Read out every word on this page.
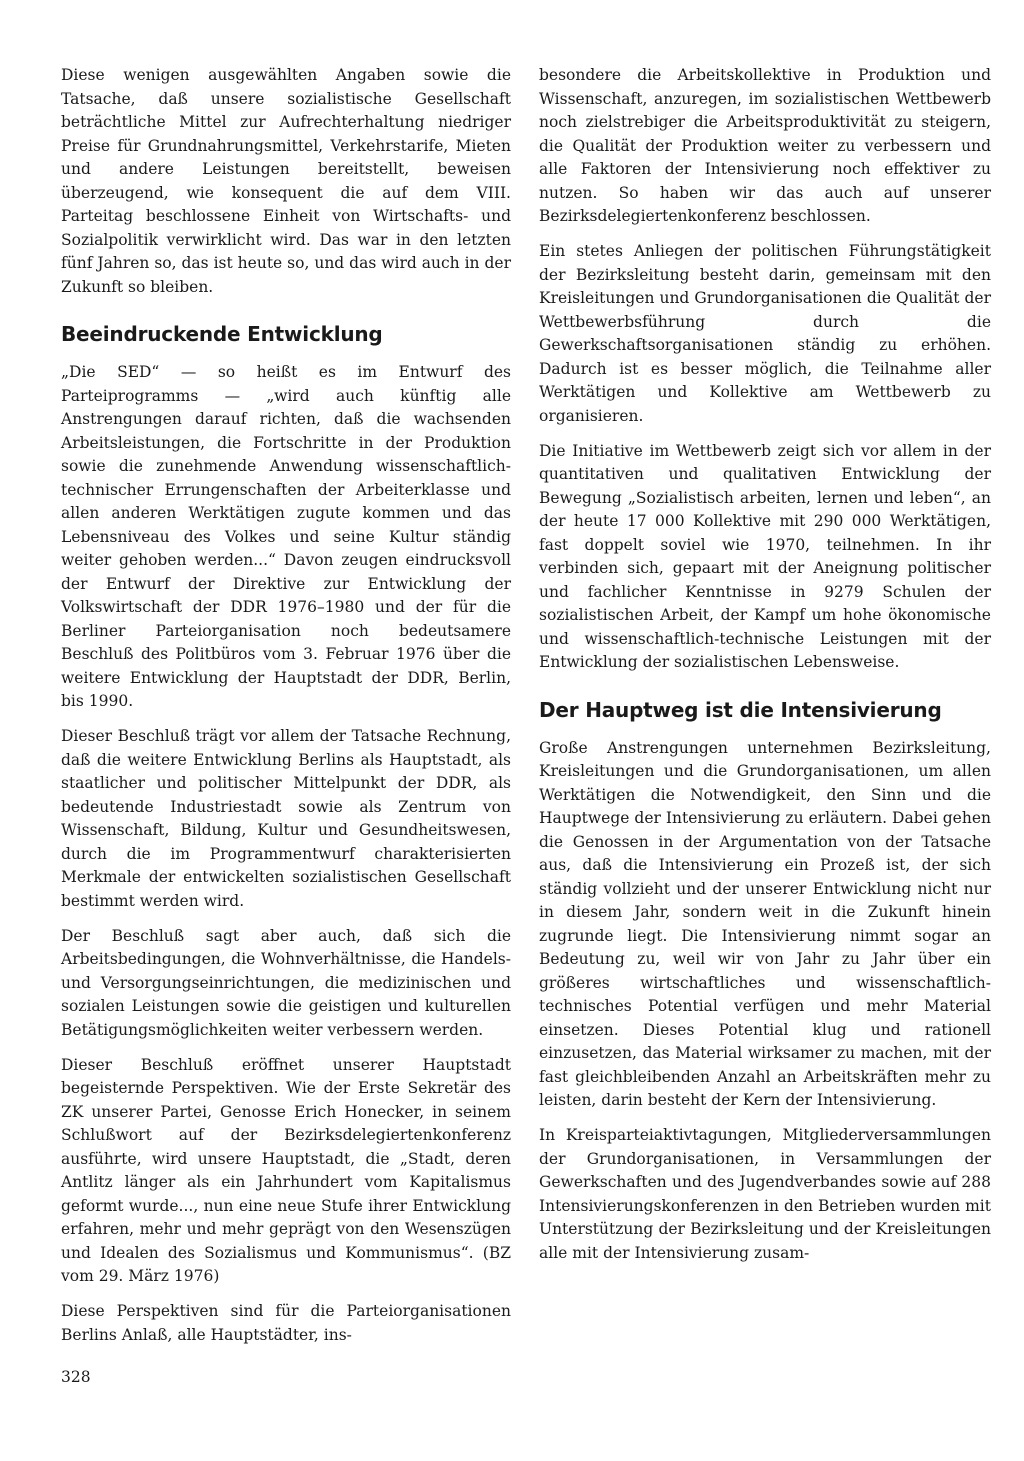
Diese wenigen ausgewählten Angaben sowie die Tatsache, daß unsere sozialistische Gesellschaft beträchtliche Mittel zur Aufrechterhaltung niedriger Preise für Grundnahrungsmittel, Verkehrstarife, Mieten und andere Leistungen bereitstellt, beweisen überzeugend, wie konsequent die auf dem VIII. Parteitag beschlossene Einheit von Wirtschafts- und Sozialpolitik verwirklicht wird. Das war in den letzten fünf Jahren so, das ist heute so, und das wird auch in der Zukunft so bleiben.

Beeindruckende Entwicklung

„Die SED“ — so heißt es im Entwurf des Parteiprogramms — „wird auch künftig alle Anstrengungen darauf richten, daß die wachsenden Arbeitsleistungen, die Fortschritte in der Produktion sowie die zunehmende Anwendung wissenschaftlich-technischer Errungenschaften der Arbeiterklasse und allen anderen Werktätigen zugute kommen und das Lebensniveau des Volkes und seine Kultur ständig weiter gehoben werden...“ Davon zeugen eindrucksvoll der Entwurf der Direktive zur Entwicklung der Volkswirtschaft der DDR 1976–1980 und der für die Berliner Parteiorganisation noch bedeutsamere Beschluß des Politbüros vom 3. Februar 1976 über die weitere Entwicklung der Hauptstadt der DDR, Berlin, bis 1990.

Dieser Beschluß trägt vor allem der Tatsache Rechnung, daß die weitere Entwicklung Berlins als Hauptstadt, als staatlicher und politischer Mittelpunkt der DDR, als bedeutende Industriestadt sowie als Zentrum von Wissenschaft, Bildung, Kultur und Gesundheitswesen, durch die im Programmentwurf charakterisierten Merkmale der entwickelten sozialistischen Gesellschaft bestimmt werden wird.

Der Beschluß sagt aber auch, daß sich die Arbeitsbedingungen, die Wohnverhältnisse, die Handels- und Versorgungseinrichtungen, die medizinischen und sozialen Leistungen sowie die geistigen und kulturellen Betätigungsmöglichkeiten weiter verbessern werden.

Dieser Beschluß eröffnet unserer Hauptstadt begeisternde Perspektiven. Wie der Erste Sekretär des ZK unserer Partei, Genosse Erich Honecker, in seinem Schlußwort auf der Bezirksdelegiertenkonferenz ausführte, wird unsere Hauptstadt, die „Stadt, deren Antlitz länger als ein Jahrhundert vom Kapitalismus geformt wurde..., nun eine neue Stufe ihrer Entwicklung erfahren, mehr und mehr geprägt von den Wesenszügen und Idealen des Sozialismus und Kommunismus“. (BZ vom 29. März 1976)

Diese Perspektiven sind für die Parteiorganisationen Berlins Anlaß, alle Hauptstädter, ins-

besondere die Arbeitskollektive in Produktion und Wissenschaft, anzuregen, im sozialistischen Wettbewerb noch zielstrebiger die Arbeitsproduktivität zu steigern, die Qualität der Produktion weiter zu verbessern und alle Faktoren der Intensivierung noch effektiver zu nutzen. So haben wir das auch auf unserer Bezirksdelegiertenkonferenz beschlossen.

Ein stetes Anliegen der politischen Führungstätigkeit der Bezirksleitung besteht darin, gemeinsam mit den Kreisleitungen und Grundorganisationen die Qualität der Wettbewerbsführung durch die Gewerkschaftsorganisationen ständig zu erhöhen. Dadurch ist es besser möglich, die Teilnahme aller Werktätigen und Kollektive am Wettbewerb zu organisieren.

Die Initiative im Wettbewerb zeigt sich vor allem in der quantitativen und qualitativen Entwicklung der Bewegung „Sozialistisch arbeiten, lernen und leben“, an der heute 17 000 Kollektive mit 290 000 Werktätigen, fast doppelt soviel wie 1970, teilnehmen. In ihr verbinden sich, gepaart mit der Aneignung politischer und fachlicher Kenntnisse in 9279 Schulen der sozialistischen Arbeit, der Kampf um hohe ökonomische und wissenschaftlich-technische Leistungen mit der Entwicklung der sozialistischen Lebensweise.

Der Hauptweg ist die Intensivierung

Große Anstrengungen unternehmen Bezirksleitung, Kreisleitungen und die Grundorganisationen, um allen Werktätigen die Notwendigkeit, den Sinn und die Hauptwege der Intensivierung zu erläutern. Dabei gehen die Genossen in der Argumentation von der Tatsache aus, daß die Intensivierung ein Prozeß ist, der sich ständig vollzieht und der unserer Entwicklung nicht nur in diesem Jahr, sondern weit in die Zukunft hinein zugrunde liegt. Die Intensivierung nimmt sogar an Bedeutung zu, weil wir von Jahr zu Jahr über ein größeres wirtschaftliches und wissenschaftlich-technisches Potential verfügen und mehr Material einsetzen. Dieses Potential klug und rationell einzusetzen, das Material wirksamer zu machen, mit der fast gleichbleibenden Anzahl an Arbeitskräften mehr zu leisten, darin besteht der Kern der Intensivierung.

In Kreisparteiaktivtagungen, Mitgliederversammlungen der Grundorganisationen, in Versammlungen der Gewerkschaften und des Jugendverbandes sowie auf 288 Intensivierungskonferenzen in den Betrieben wurden mit Unterstützung der Bezirksleitung und der Kreisleitungen alle mit der Intensivierung zusam-

328
